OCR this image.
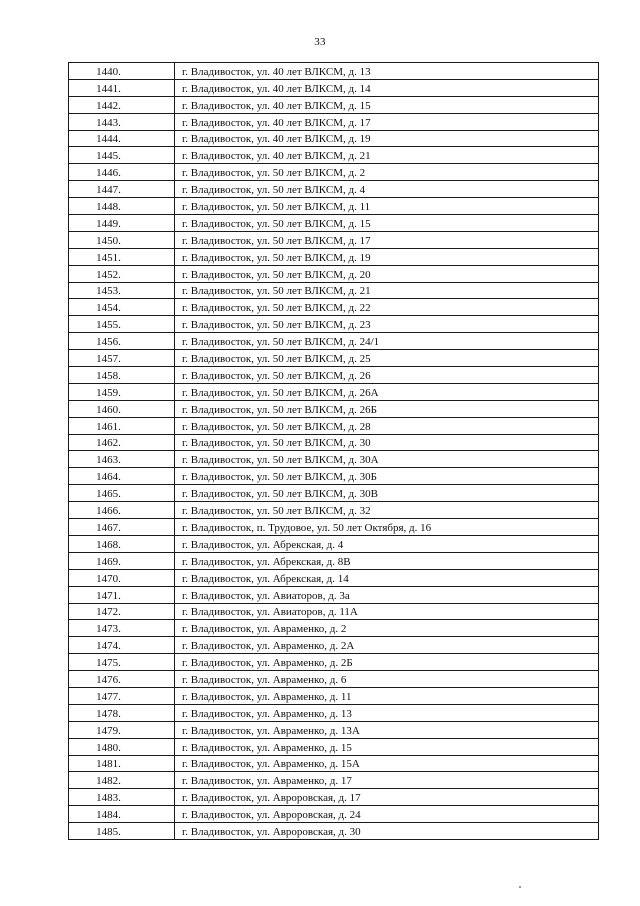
33
1440.	г. Владивосток, ул. 40 лет ВЛКСМ, д. 13
1441.	г. Владивосток, ул. 40 лет ВЛКСМ, д. 14
1442.	г. Владивосток, ул. 40 лет ВЛКСМ, д. 15
1443.	г. Владивосток, ул. 40 лет ВЛКСМ, д. 17
1444.	г. Владивосток, ул. 40 лет ВЛКСМ, д. 19
1445.	г. Владивосток, ул. 40 лет ВЛКСМ, д. 21
1446.	г. Владивосток, ул. 50 лет ВЛКСМ, д. 2
1447.	г. Владивосток, ул. 50 лет ВЛКСМ, д. 4
1448.	г. Владивосток, ул. 50 лет ВЛКСМ, д. 11
1449.	г. Владивосток, ул. 50 лет ВЛКСМ, д. 15
1450.	г. Владивосток, ул. 50 лет ВЛКСМ, д. 17
1451.	г. Владивосток, ул. 50 лет ВЛКСМ, д. 19
1452.	г. Владивосток, ул. 50 лет ВЛКСМ, д. 20
1453.	г. Владивосток, ул. 50 лет ВЛКСМ, д. 21
1454.	г. Владивосток, ул. 50 лет ВЛКСМ, д. 22
1455.	г. Владивосток, ул. 50 лет ВЛКСМ, д. 23
1456.	г. Владивосток, ул. 50 лет ВЛКСМ, д. 24/1
1457.	г. Владивосток, ул. 50 лет ВЛКСМ, д. 25
1458.	г. Владивосток, ул. 50 лет ВЛКСМ, д. 26
1459.	г. Владивосток, ул. 50 лет ВЛКСМ, д. 26А
1460.	г. Владивосток, ул. 50 лет ВЛКСМ, д. 26Б
1461.	г. Владивосток, ул. 50 лет ВЛКСМ, д. 28
1462.	г. Владивосток, ул. 50 лет ВЛКСМ, д. 30
1463.	г. Владивосток, ул. 50 лет ВЛКСМ, д. 30А
1464.	г. Владивосток, ул. 50 лет ВЛКСМ, д. 30Б
1465.	г. Владивосток, ул. 50 лет ВЛКСМ, д. 30В
1466.	г. Владивосток, ул. 50 лет ВЛКСМ, д. 32
1467.	г. Владивосток, п. Трудовое, ул. 50 лет Октября, д. 16
1468.	г. Владивосток, ул. Абрекская, д. 4
1469.	г. Владивосток, ул. Абрекская, д. 8В
1470.	г. Владивосток, ул. Абрекская, д. 14
1471.	г. Владивосток, ул. Авиаторов, д. 3а
1472.	г. Владивосток, ул. Авиаторов, д. 11А
1473.	г. Владивосток, ул. Авраменко, д. 2
1474.	г. Владивосток, ул. Авраменко, д. 2А
1475.	г. Владивосток, ул. Авраменко, д. 2Б
1476.	г. Владивосток, ул. Авраменко, д. 6
1477.	г. Владивосток, ул. Авраменко, д. 11
1478.	г. Владивосток, ул. Авраменко, д. 13
1479.	г. Владивосток, ул. Авраменко, д. 13А
1480.	г. Владивосток, ул. Авраменко, д. 15
1481.	г. Владивосток, ул. Авраменко, д. 15А
1482.	г. Владивосток, ул. Авраменко, д. 17
1483.	г. Владивосток, ул. Авроровская, д. 17
1484.	г. Владивосток, ул. Авроровская, д. 24
1485.	г. Владивосток, ул. Авроровская, д. 30
